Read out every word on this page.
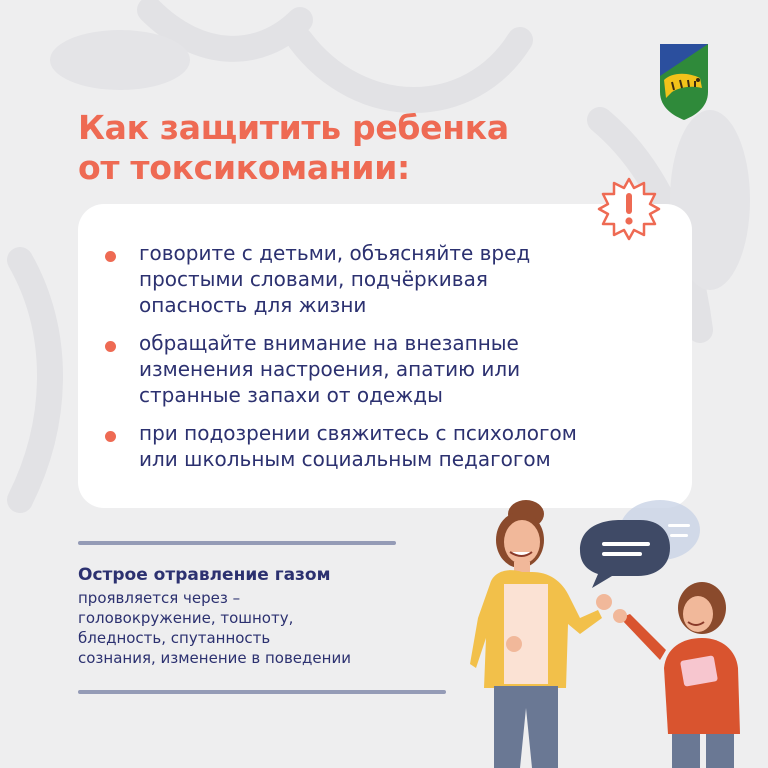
Как защитить ребенка
от токсикомании:
говорите с детьми, объясняйте вред
простыми словами, подчёркивая
опасность для жизни
обращайте внимание на внезапные
изменения настроения, апатию или
странные запахи от одежды
при подозрении свяжитесь с психологом
или школьным социальным педагогом
Острое отравление газом
проявляется через –
головокружение, тошноту,
бледность, спутанность
сознания, изменение в поведении
